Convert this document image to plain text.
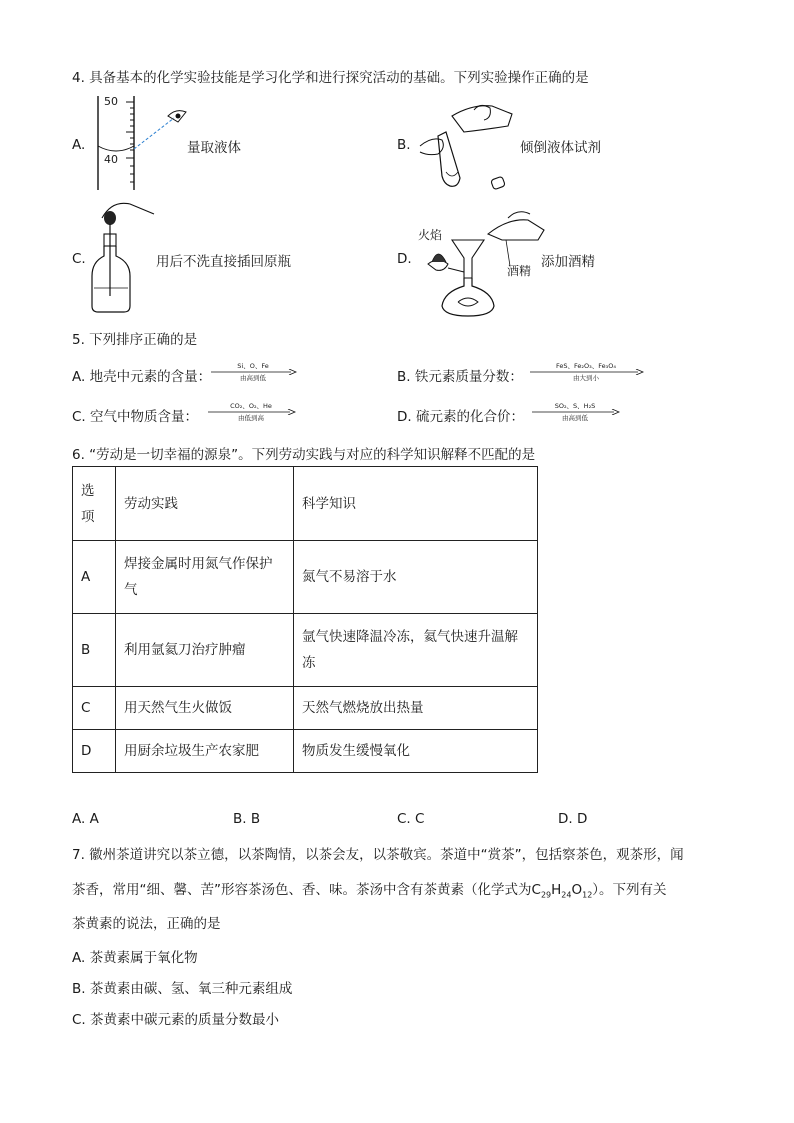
4. 具备基本的化学实验技能是学习化学和进行探究活动的基础。下列实验操作正确的是
A.
50
40
量取液体	B.	倾倒液体试剂
C.	用后不洗直接插回原瓶	D.
火焰
酒精
添加酒精
5. 下列排序正确的是
A. 地壳中元素的含量：
Si、O、Fe
由高到低	B. 铁元素质量分数：
FeS、Fe₂O₃、Fe₃O₄
由大到小
C. 空气中物质含量：
CO₂、O₂、He
由低到高	D. 硫元素的化合价：
SO₂、S、H₂S
由高到低
6. “劳动是一切幸福的源泉”。下列劳动实践与对应的科学知识解释不匹配的是
选项	劳动实践	科学知识
A	焊接金属时用氮气作保护气	氮气不易溶于水
B	利用氩氦刀治疗肿瘤	氩气快速降温冷冻，氦气快速升温解冻
C	用天然气生火做饭	天然气燃烧放出热量
D	用厨余垃圾生产农家肥	物质发生缓慢氧化
A. A	B. B	C. C	D. D
7. 徽州茶道讲究以茶立德，以茶陶情，以茶会友，以茶敬宾。茶道中“赏茶”，包括察茶色，观茶形，闻
茶香，常用“细、馨、苦”形容茶汤色、香、味。茶汤中含有茶黄素（化学式为$C_{29}H_{24}O_{12}$）。下列有关
茶黄素的说法，正确的是
A. 茶黄素属于氧化物
B. 茶黄素由碳、氢、氧三种元素组成
C. 茶黄素中碳元素的质量分数最小
